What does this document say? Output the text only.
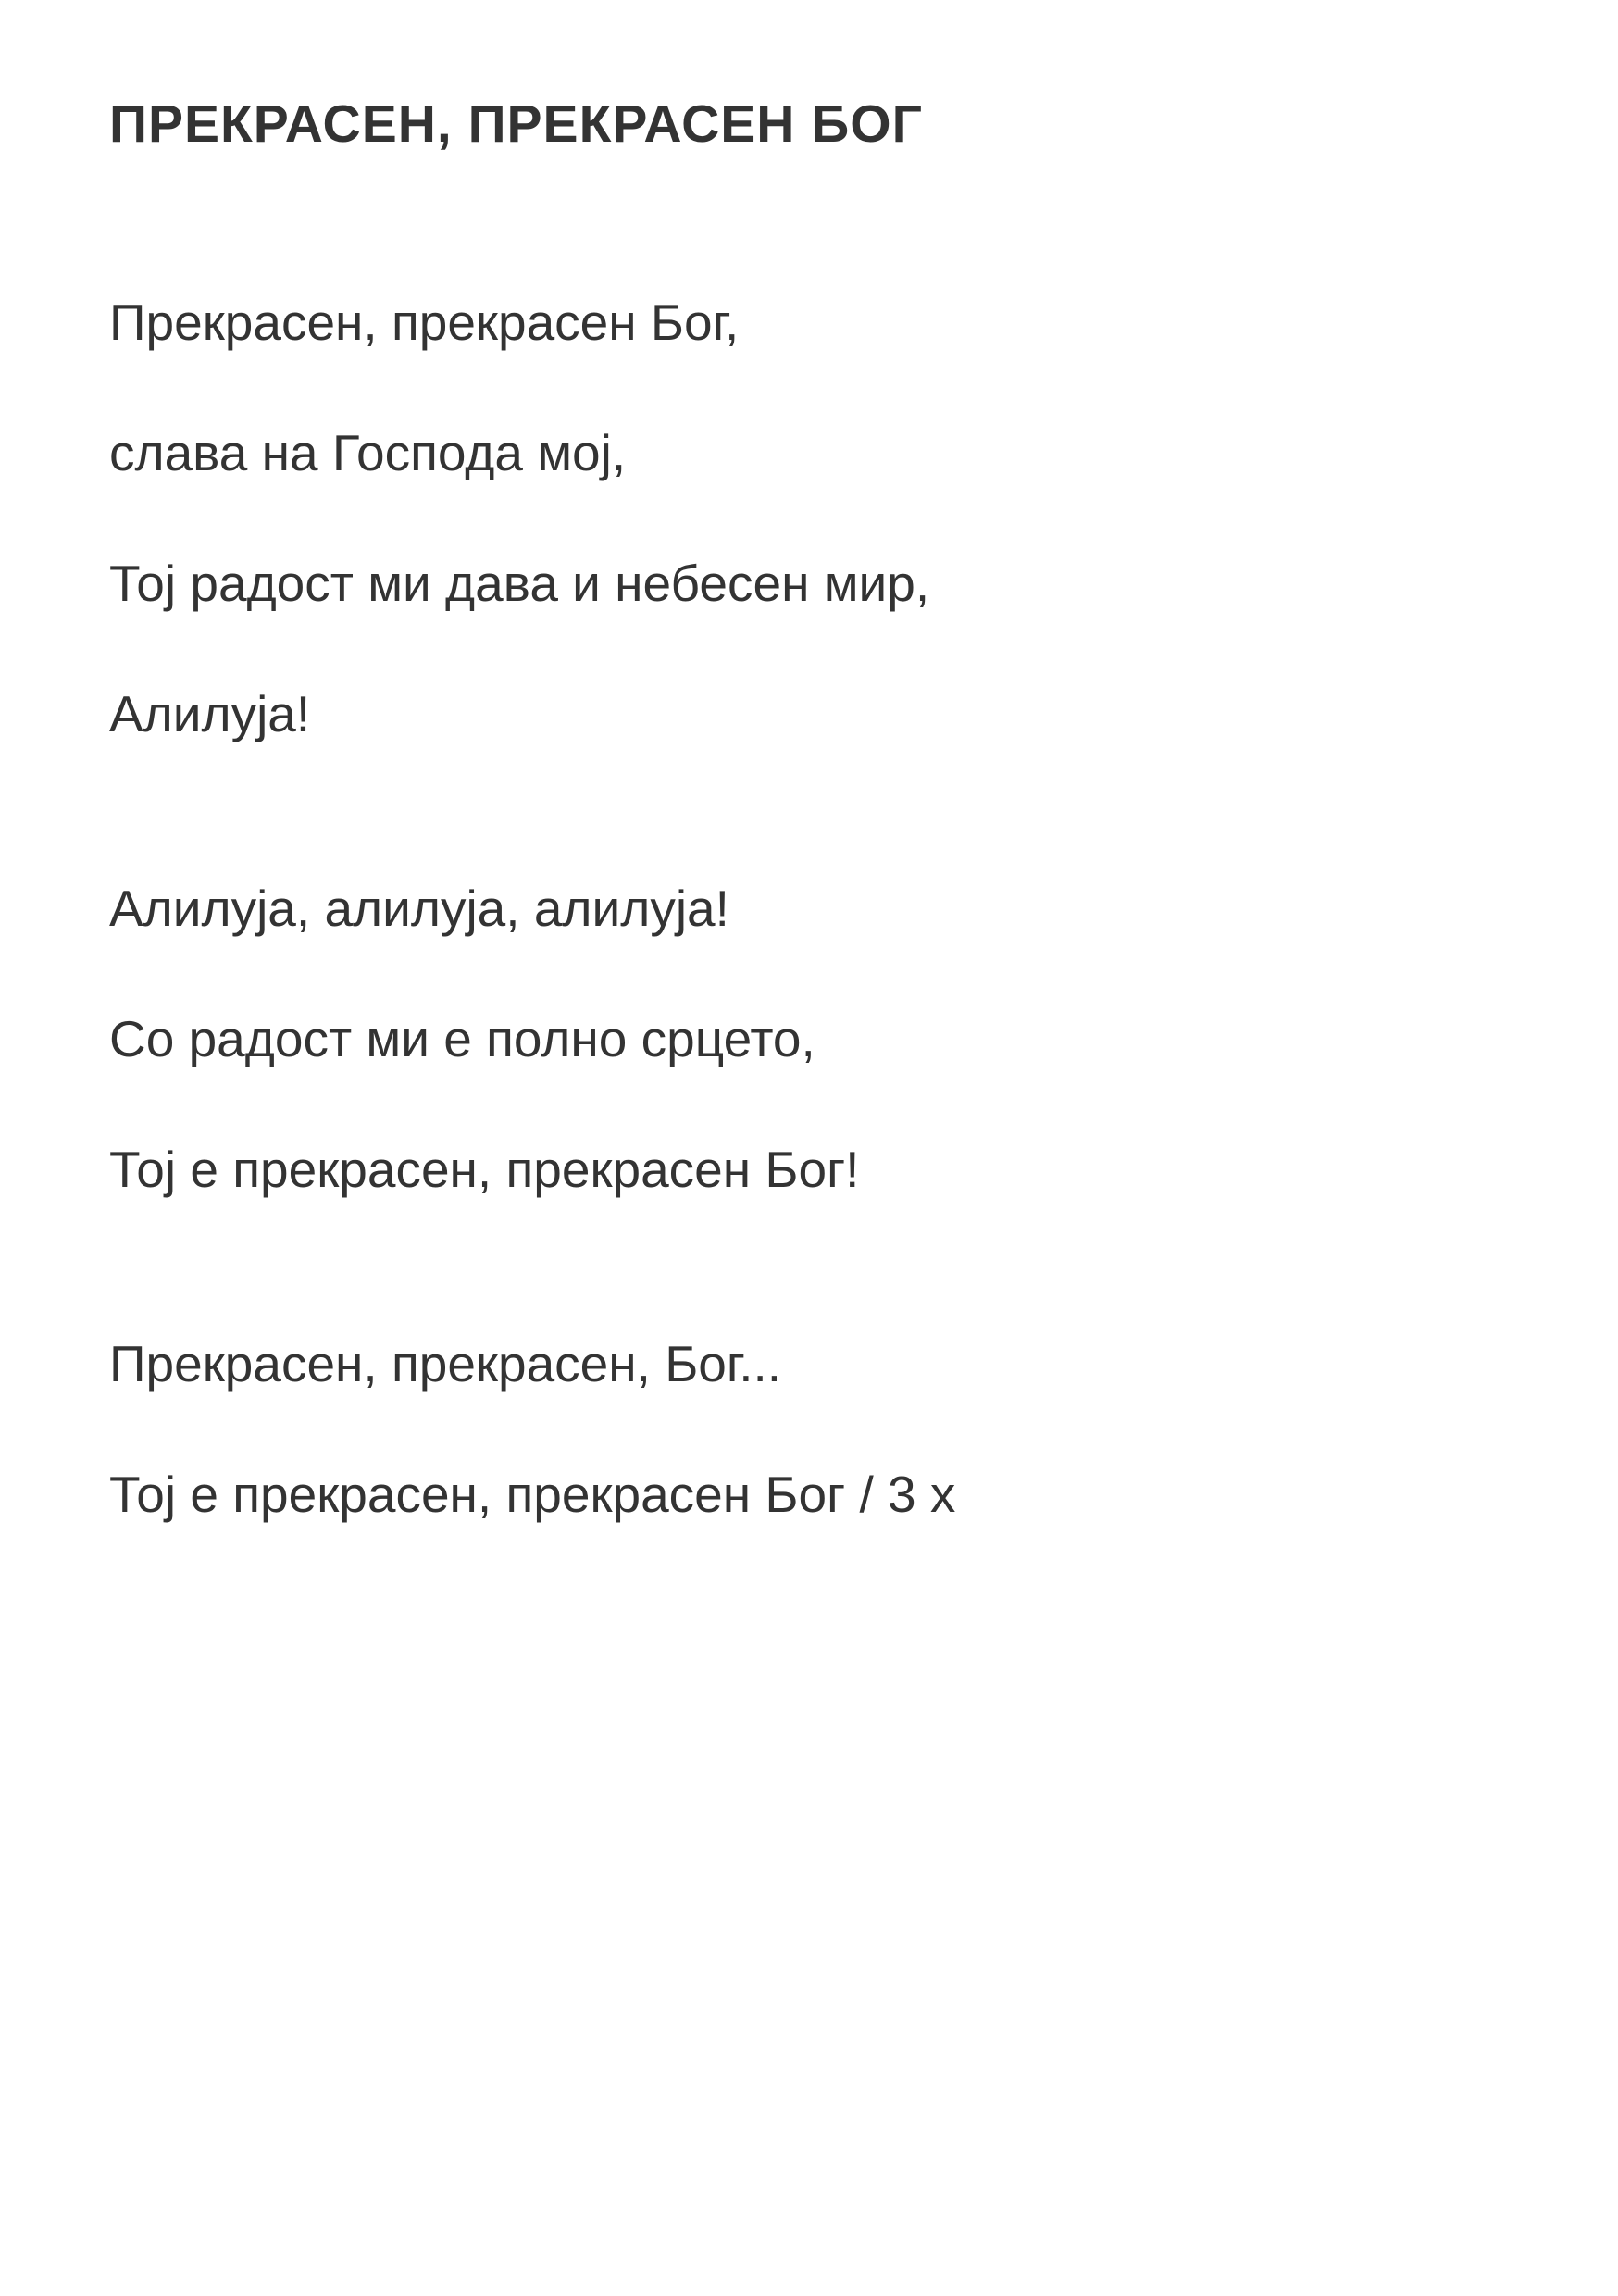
ПРЕКРАСЕН, ПРЕКРАСЕН БОГ

Прекрасен, прекрасен Бог,

слава на Господа мој,

Тој радост ми дава и небесен мир,

Алилуја!

Алилуја, алилуја, алилуја!

Со радост ми е полно срцето,

Тој е прекрасен, прекрасен Бог!

Прекрасен, прекрасен, Бог...

Тој е прекрасен, прекрасен Бог / 3 x
